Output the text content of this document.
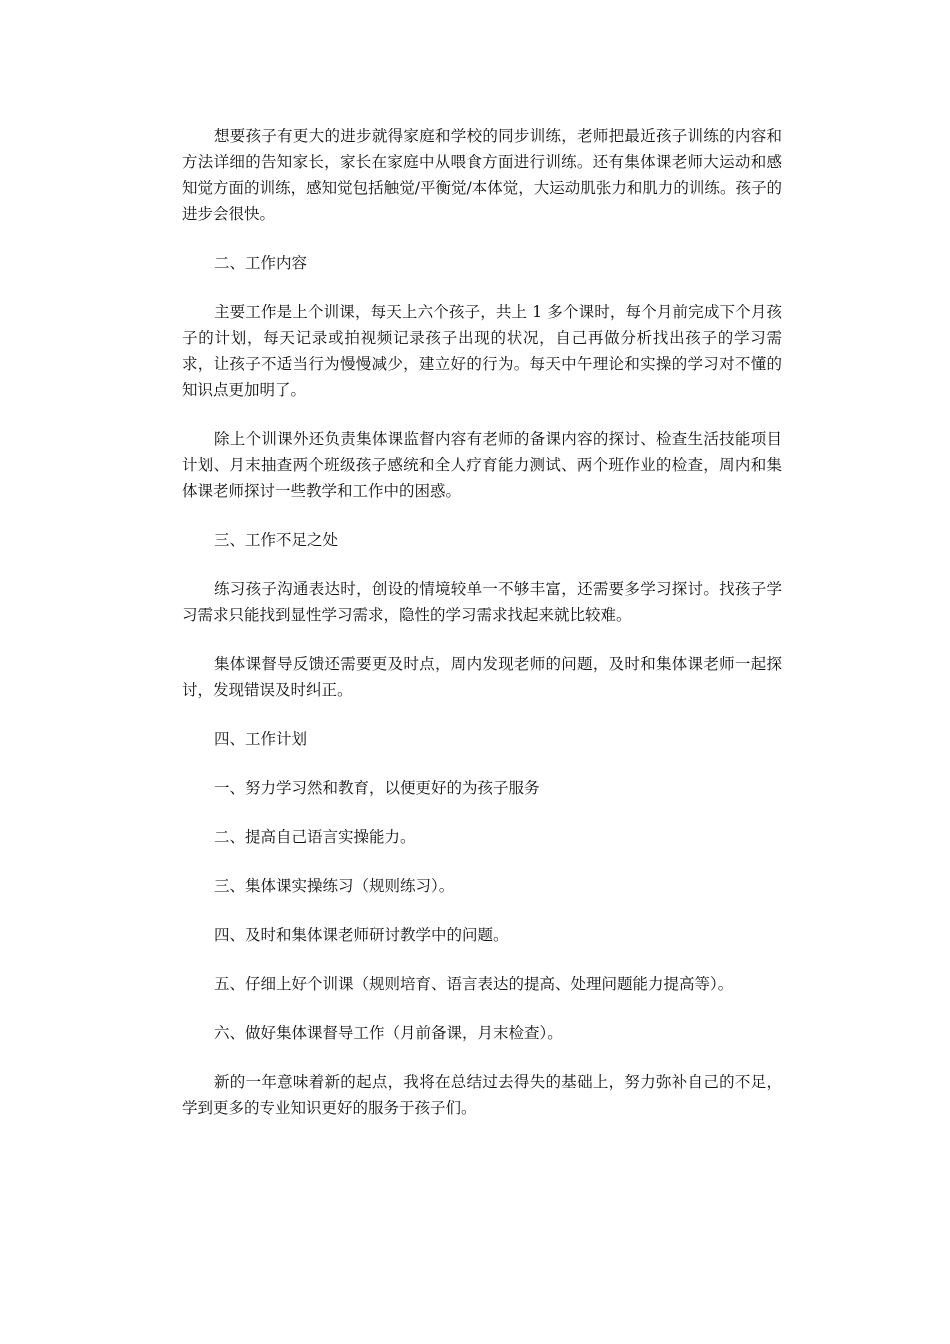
想要孩子有更大的进步就得家庭和学校的同步训练，老师把最近孩子训练的内容和方法详细的告知家长，家长在家庭中从喂食方面进行训练。还有集体课老师大运动和感知觉方面的训练，感知觉包括触觉/平衡觉/本体觉，大运动肌张力和肌力的训练。孩子的进步会很快。

二、工作内容

主要工作是上个训课，每天上六个孩子，共上 1 多个课时，每个月前完成下个月孩子的计划，每天记录或拍视频记录孩子出现的状况，自己再做分析找出孩子的学习需求，让孩子不适当行为慢慢减少，建立好的行为。每天中午理论和实操的学习对不懂的知识点更加明了。

除上个训课外还负责集体课监督内容有老师的备课内容的探讨、检查生活技能项目计划、月末抽查两个班级孩子感统和全人疗育能力测试、两个班作业的检查，周内和集体课老师探讨一些教学和工作中的困惑。

三、工作不足之处

练习孩子沟通表达时，创设的情境较单一不够丰富，还需要多学习探讨。找孩子学习需求只能找到显性学习需求，隐性的学习需求找起来就比较难。

集体课督导反馈还需要更及时点，周内发现老师的问题，及时和集体课老师一起探讨，发现错误及时纠正。

四、工作计划

一、努力学习然和教育，以便更好的为孩子服务

二、提高自己语言实操能力。

三、集体课实操练习（规则练习）。

四、及时和集体课老师研讨教学中的问题。

五、仔细上好个训课（规则培育、语言表达的提高、处理问题能力提高等）。

六、做好集体课督导工作（月前备课，月末检查）。

新的一年意味着新的起点，我将在总结过去得失的基础上，努力弥补自己的不足，学到更多的专业知识更好的服务于孩子们。
